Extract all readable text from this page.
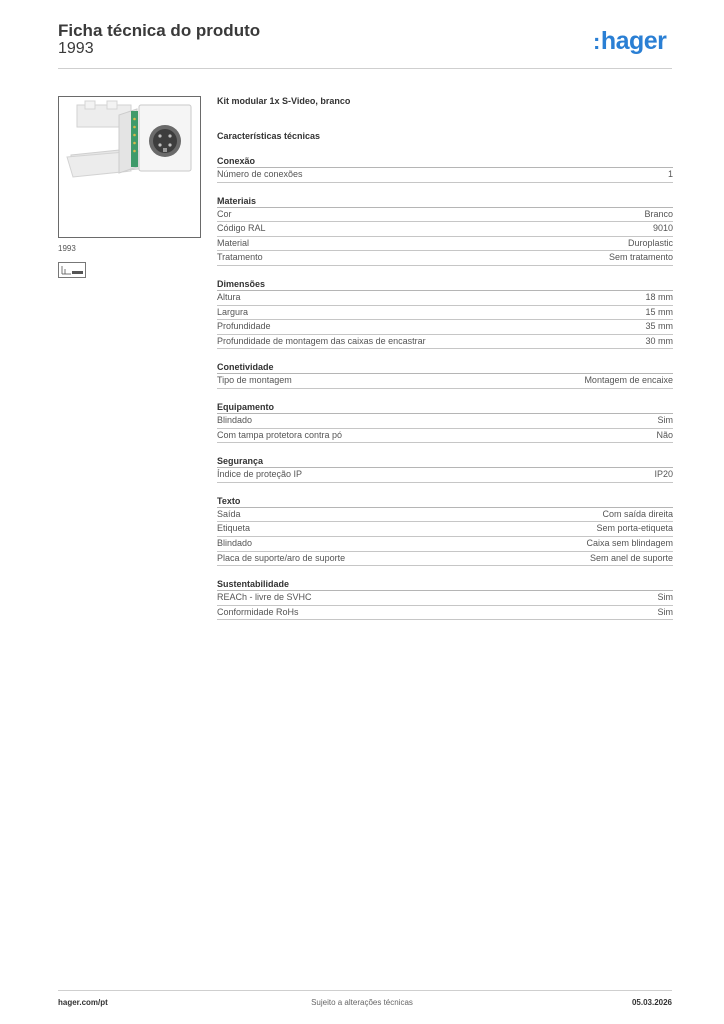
Ficha técnica do produto
1993	:hager
1993
Kit modular 1x S-Video, branco
Características técnicas
Conexão
Número de conexões	1
Materiais
Cor	Branco
Código RAL	9010
Material	Duroplastic
Tratamento	Sem tratamento
Dimensões
Altura	18 mm
Largura	15 mm
Profundidade	35 mm
Profundidade de montagem das caixas de encastrar	30 mm
Conetividade
Tipo de montagem	Montagem de encaixe
Equipamento
Blindado	Sim
Com tampa protetora contra pó	Não
Segurança
Índice de proteção IP	IP20
Texto
Saída	Com saída direita
Etiqueta	Sem porta-etiqueta
Blindado	Caixa sem blindagem
Placa de suporte/aro de suporte	Sem anel de suporte
Sustentabilidade
REACh - livre de SVHC	Sim
Conformidade RoHs	Sim
hager.com/pt	Sujeito a alterações técnicas	05.03.2026
